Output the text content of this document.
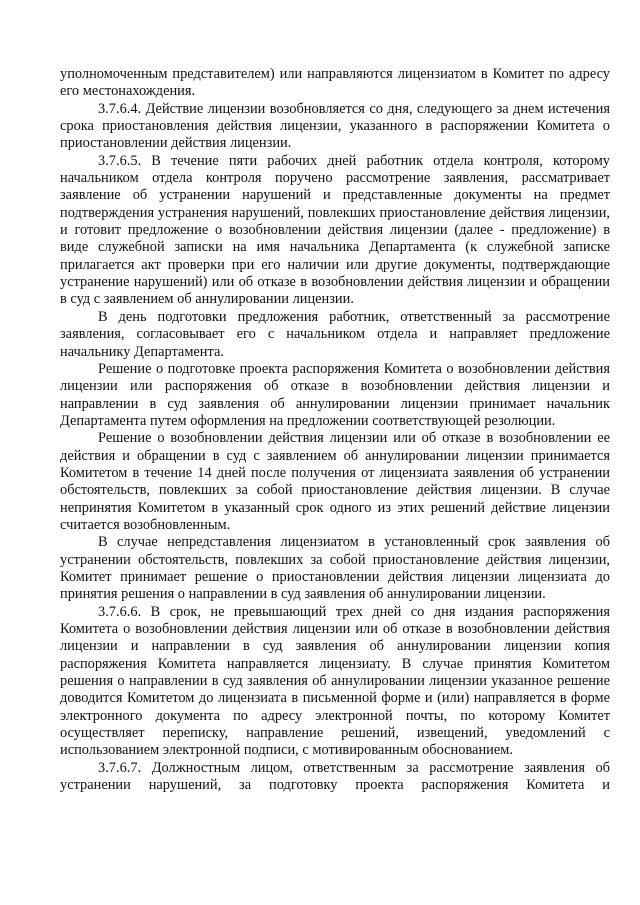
уполномоченным представителем) или направляются лицензиатом в Комитет по адресу его местонахождения.

3.7.6.4. Действие лицензии возобновляется со дня, следующего за днем истечения срока приостановления действия лицензии, указанного в распоряжении Комитета о приостановлении действия лицензии.

3.7.6.5. В течение пяти рабочих дней работник отдела контроля, которому начальником отдела контроля поручено рассмотрение заявления, рассматривает заявление об устранении нарушений и представленные документы на предмет подтверждения устранения нарушений, повлекших приостановление действия лицензии, и готовит предложение о возобновлении действия лицензии (далее - предложение) в виде служебной записки на имя начальника Департамента (к служебной записке прилагается акт проверки при его наличии или другие документы, подтверждающие устранение нарушений) или об отказе в возобновлении действия лицензии и обращении в суд с заявлением об аннулировании лицензии.

В день подготовки предложения работник, ответственный за рассмотрение заявления, согласовывает его с начальником отдела и направляет предложение начальнику Департамента.

Решение о подготовке проекта распоряжения Комитета о возобновлении действия лицензии или распоряжения об отказе в возобновлении действия лицензии и направлении в суд заявления об аннулировании лицензии принимает начальник Департамента путем оформления на предложении соответствующей резолюции.

Решение о возобновлении действия лицензии или об отказе в возобновлении ее действия и обращении в суд с заявлением об аннулировании лицензии принимается Комитетом в течение 14 дней после получения от лицензиата заявления об устранении обстоятельств, повлекших за собой приостановление действия лицензии. В случае непринятия Комитетом в указанный срок одного из этих решений действие лицензии считается возобновленным.

В случае непредставления лицензиатом в установленный срок заявления об устранении обстоятельств, повлекших за собой приостановление действия лицензии, Комитет принимает решение о приостановлении действия лицензии лицензиата до принятия решения о направлении в суд заявления об аннулировании лицензии.

3.7.6.6. В срок, не превышающий трех дней со дня издания распоряжения Комитета о возобновлении действия лицензии или об отказе в возобновлении действия лицензии и направлении в суд заявления об аннулировании лицензии копия распоряжения Комитета направляется лицензиату. В случае принятия Комитетом решения о направлении в суд заявления об аннулировании лицензии указанное решение доводится Комитетом до лицензиата в письменной форме и (или) направляется в форме электронного документа по адресу электронной почты, по которому Комитет осуществляет переписку, направление решений, извещений, уведомлений с использованием электронной подписи, с мотивированным обоснованием.

3.7.6.7. Должностным лицом, ответственным за рассмотрение заявления об устранении нарушений, за подготовку проекта распоряжения Комитета и
